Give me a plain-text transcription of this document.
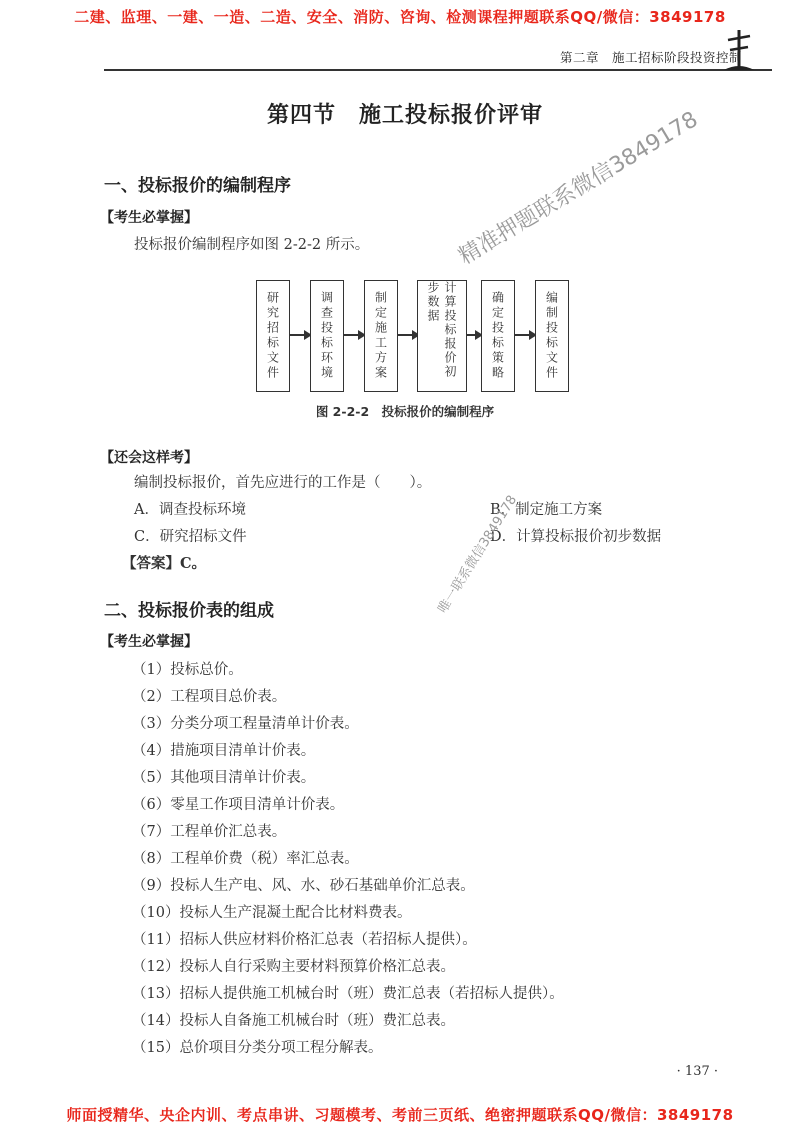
二建、监理、一建、一造、二造、安全、消防、咨询、检测课程押题联系QQ/微信：3849178
第二章　施工招标阶段投资控制
第四节　施工投标报价评审
一、投标报价的编制程序
【考生必掌握】
投标报价编制程序如图 2-2-2 所示。
研究招标文件	调查投标环境	制定施工方案	计算投标报价初步数据	确定投标策略	编制投标文件
图 2-2-2　投标报价的编制程序
【还会这样考】
编制投标报价，首先应进行的工作是（　　）。
A．调查投标环境	B．制定施工方案
C．研究招标文件	D．计算投标报价初步数据
【答案】C。
二、投标报价表的组成
【考生必掌握】
（1）投标总价。
（2）工程项目总价表。
（3）分类分项工程量清单计价表。
（4）措施项目清单计价表。
（5）其他项目清单计价表。
（6）零星工作项目清单计价表。
（7）工程单价汇总表。
（8）工程单价费（税）率汇总表。
（9）投标人生产电、风、水、砂石基础单价汇总表。
（10）投标人生产混凝土配合比材料费表。
（11）招标人供应材料价格汇总表（若招标人提供）。
（12）投标人自行采购主要材料预算价格汇总表。
（13）招标人提供施工机械台时（班）费汇总表（若招标人提供）。
（14）投标人自备施工机械台时（班）费汇总表。
（15）总价项目分类分项工程分解表。
精准押题联系微信3849178
唯一联系微信3849178
· 137 ·
师面授精华、央企内训、考点串讲、习题模考、考前三页纸、绝密押题联系QQ/微信：3849178
